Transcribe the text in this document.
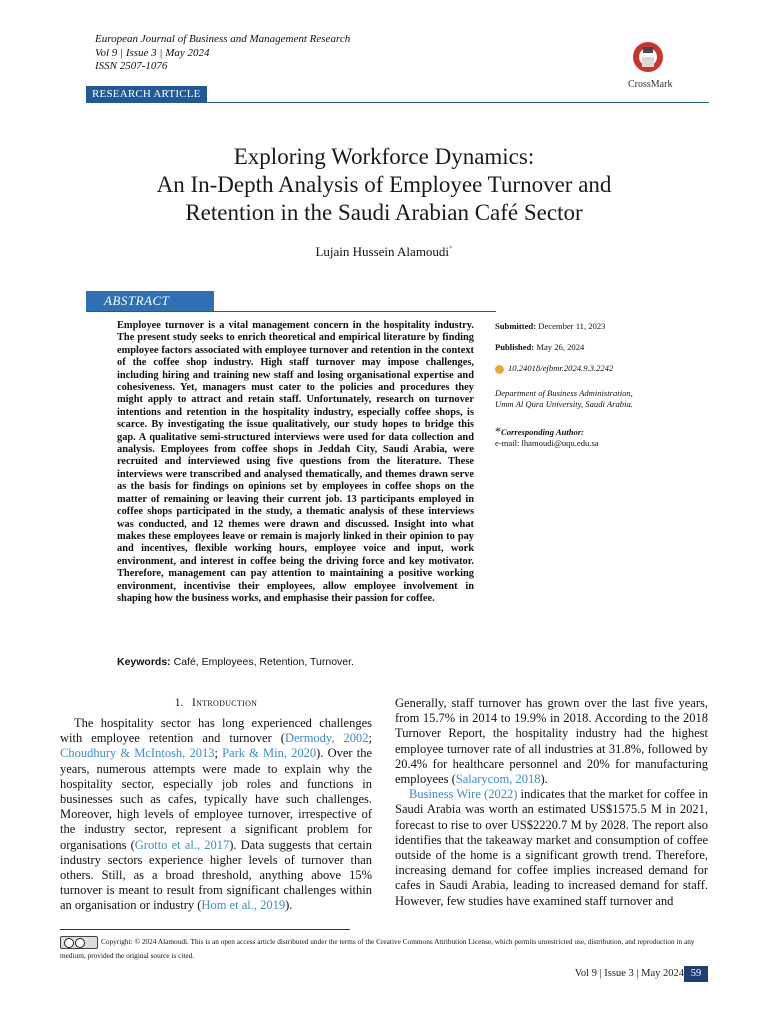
European Journal of Business and Management Research
Vol 9 | Issue 3 | May 2024
ISSN 2507-1076
CrossMark
RESEARCH ARTICLE
Exploring Workforce Dynamics:
An In-Depth Analysis of Employee Turnover and
Retention in the Saudi Arabian Café Sector
Lujain Hussein Alamoudi*
ABSTRACT
Employee turnover is a vital management concern in the hospitality industry. The present study seeks to enrich theoretical and empirical literature by finding employee factors associated with employee turnover and retention in the context of the coffee shop industry. High staff turnover may impose challenges, including hiring and training new staff and losing organisational expertise and cohesiveness. Yet, managers must cater to the policies and procedures they might apply to attract and retain staff. Unfortunately, research on turnover intentions and retention in the hospitality industry, especially coffee shops, is scarce. By investigating the issue qualitatively, our study hopes to bridge this gap. A qualitative semi-structured interviews were used for data collection and analysis. Employees from coffee shops in Jeddah City, Saudi Arabia, were recruited and interviewed using five questions from the literature. These interviews were transcribed and analysed thematically, and themes drawn serve as the basis for findings on opinions set by employees in coffee shops on the matter of remaining or leaving their current job. 13 participants employed in coffee shops participated in the study, a thematic analysis of these interviews was conducted, and 12 themes were drawn and discussed. Insight into what makes these employees leave or remain is majorly linked in their opinion to pay and incentives, flexible working hours, employee voice and input, work environment, and interest in coffee being the driving force and key motivator. Therefore, management can pay attention to maintaining a positive working environment, incentivise their employees, allow employee involvement in shaping how the business works, and emphasise their passion for coffee.
Submitted: December 11, 2023
Published: May 26, 2024
10.24018/ejbmr.2024.9.3.2242
Department of Business Administration,
Umm Al Qura University, Saudi Arabia.
*Corresponding Author:
e-mail: lhamoudi@uqu.edu.sa
Keywords: Café, Employees, Retention, Turnover.
1. Introduction
The hospitality sector has long experienced challenges with employee retention and turnover (Dermody, 2002; Choudhury & McIntosh, 2013; Park & Min, 2020). Over the years, numerous attempts were made to explain why the hospitality sector, especially job roles and functions in businesses such as cafes, typically have such challenges. Moreover, high levels of employee turnover, irrespective of the industry sector, represent a significant problem for organisations (Grotto et al., 2017). Data suggests that certain industry sectors experience higher levels of turnover than others. Still, as a broad threshold, anything above 15% turnover is meant to result from significant challenges within an organisation or industry (Hom et al., 2019).

Generally, staff turnover has grown over the last five years, from 15.7% in 2014 to 19.9% in 2018. According to the 2018 Turnover Report, the hospitality industry had the highest employee turnover rate of all industries at 31.8%, followed by 20.4% for healthcare personnel and 20% for manufacturing employees (Salarycom, 2018).

Business Wire (2022) indicates that the market for coffee in Saudi Arabia was worth an estimated US$1575.5 M in 2021, forecast to rise to over US$2220.7 M by 2028. The report also identifies that the takeaway market and consumption of coffee outside of the home is a significant growth trend. Therefore, increasing demand for coffee implies increased demand for cafes in Saudi Arabia, leading to increased demand for staff. However, few studies have examined staff turnover and

Copyright: © 2024 Alamoudi. This is an open access article distributed under the terms of the Creative Commons Attribution License, which permits unrestricted use, distribution, and reproduction in any medium, provided the original source is cited.
Vol 9 | Issue 3 | May 2024 59
